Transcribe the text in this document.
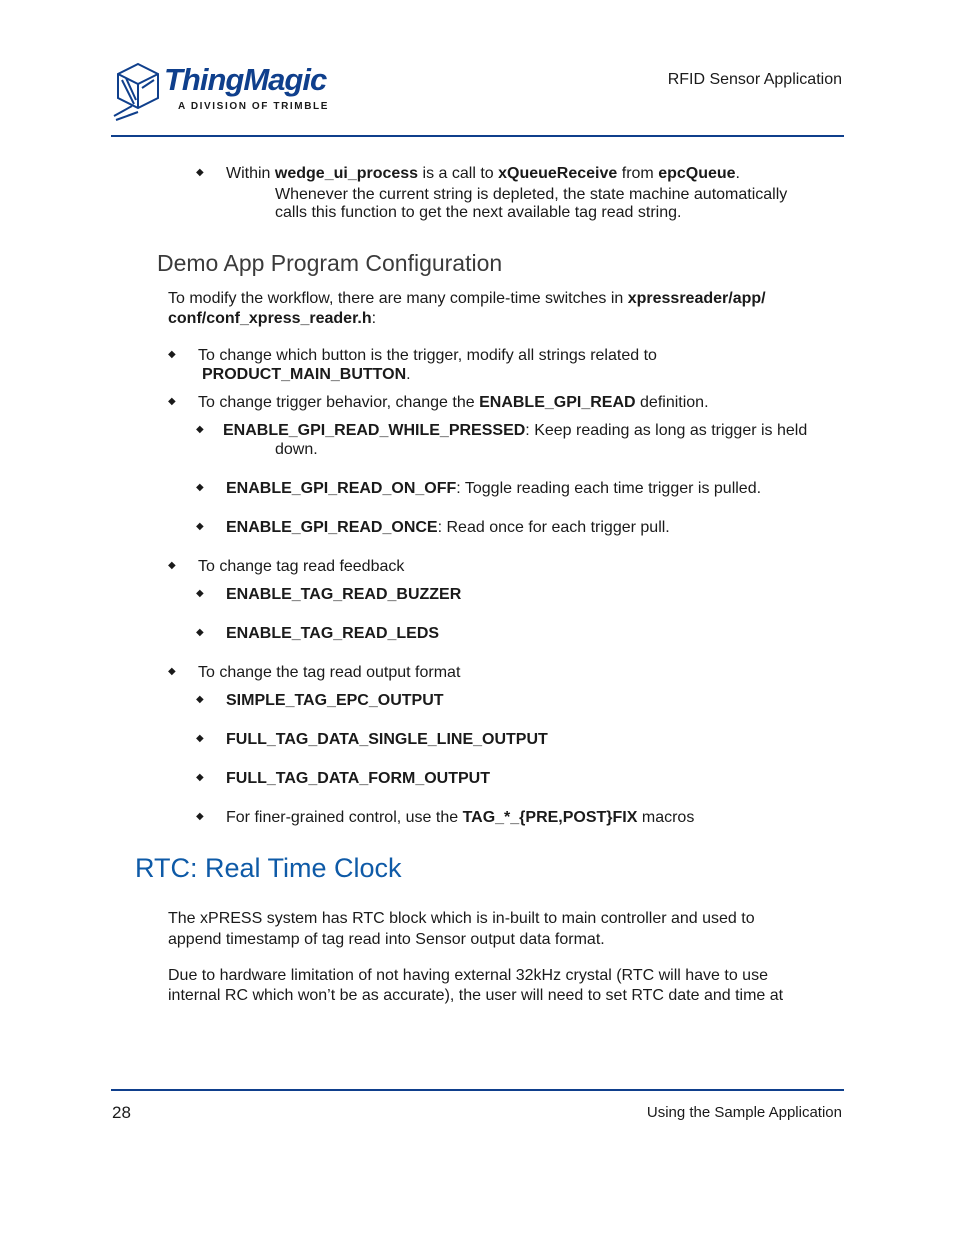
ThingMagic
A DIVISION OF TRIMBLE
RFID Sensor Application
◆ Within wedge_ui_process is a call to xQueueReceive from epcQueue.
Whenever the current string is depleted, the state machine automatically
calls this function to get the next available tag read string.
Demo App Program Configuration
To modify the workflow, there are many compile-time switches in xpressreader/app/
conf/conf_xpress_reader.h:
◆ To change which button is the trigger, modify all strings related to
PRODUCT_MAIN_BUTTON.
◆ To change trigger behavior, change the ENABLE_GPI_READ definition.
◆ ENABLE_GPI_READ_WHILE_PRESSED: Keep reading as long as trigger is held
down.
◆ ENABLE_GPI_READ_ON_OFF: Toggle reading each time trigger is pulled.
◆ ENABLE_GPI_READ_ONCE: Read once for each trigger pull.
◆ To change tag read feedback
◆ ENABLE_TAG_READ_BUZZER
◆ ENABLE_TAG_READ_LEDS
◆ To change the tag read output format
◆ SIMPLE_TAG_EPC_OUTPUT
◆ FULL_TAG_DATA_SINGLE_LINE_OUTPUT
◆ FULL_TAG_DATA_FORM_OUTPUT
◆ For finer-grained control, use the TAG_*_{PRE,POST}FIX macros
RTC: Real Time Clock
The xPRESS system has RTC block which is in-built to main controller and used to
append timestamp of tag read into Sensor output data format.
Due to hardware limitation of not having external 32kHz crystal (RTC will have to use
internal RC which won’t be as accurate), the user will need to set RTC date and time at
28	Using the Sample Application
